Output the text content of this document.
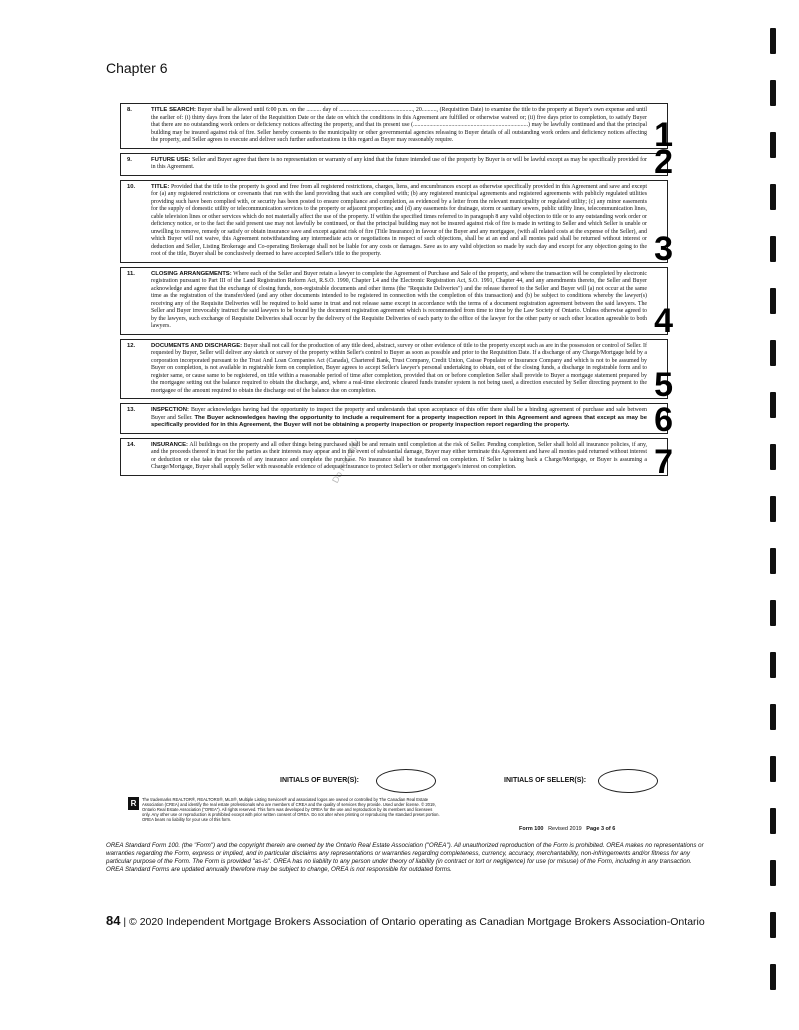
Chapter 6
Do not copy
8.	TITLE SEARCH: Buyer shall be allowed until 6:00 p.m. on the .......... day of .................................................., 20.........., (Requisition Date) to examine the title to the property at Buyer's own expense and until the earlier of: (i) thirty days from the later of the Requisition Date or the date on which the conditions in this Agreement are fulfilled or otherwise waived or; (ii) five days prior to completion, to satisfy Buyer that there are no outstanding work orders or deficiency notices affecting the property, and that its present use (..............................................................................) may be lawfully continued and that the principal building may be insured against risk of fire. Seller hereby consents to the municipality or other governmental agencies releasing to Buyer details of all outstanding work orders and deficiency notices affecting the property, and Seller agrees to execute and deliver such further authorizations in this regard as Buyer may reasonably require.	1
9.	FUTURE USE: Seller and Buyer agree that there is no representation or warranty of any kind that the future intended use of the property by Buyer is or will be lawful except as may be specifically provided for in this Agreement.	2
10.	TITLE: Provided that the title to the property is good and free from all registered restrictions, charges, liens, and encumbrances except as otherwise specifically provided in this Agreement and save and except for (a) any registered restrictions or covenants that run with the land providing that such are complied with; (b) any registered municipal agreements and registered agreements with publicly regulated utilities providing such have been complied with, or security has been posted to ensure compliance and completion, as evidenced by a letter from the relevant municipality or regulated utility; (c) any minor easements for the supply of domestic utility or telecommunication services to the property or adjacent properties; and (d) any easements for drainage, storm or sanitary sewers, public utility lines, telecommunication lines, cable television lines or other services which do not materially affect the use of the property. If within the specified times referred to in paragraph 8 any valid objection to title or to any outstanding work order or deficiency notice, or to the fact the said present use may not lawfully be continued, or that the principal building may not be insured against risk of fire is made in writing to Seller and which Seller is unable or unwilling to remove, remedy or satisfy or obtain insurance save and except against risk of fire (Title Insurance) in favour of the Buyer and any mortgagee, (with all related costs at the expense of the Seller), and which Buyer will not waive, this Agreement notwithstanding any intermediate acts or negotiations in respect of such objections, shall be at an end and all monies paid shall be returned without interest or deduction and Seller, Listing Brokerage and Co-operating Brokerage shall not be liable for any costs or damages. Save as to any valid objection so made by such day and except for any objection going to the root of the title, Buyer shall be conclusively deemed to have accepted Seller's title to the property.	3
11.	CLOSING ARRANGEMENTS: Where each of the Seller and Buyer retain a lawyer to complete the Agreement of Purchase and Sale of the property, and where the transaction will be completed by electronic registration pursuant to Part III of the Land Registration Reform Act, R.S.O. 1990, Chapter L4 and the Electronic Registration Act, S.O. 1991, Chapter 44, and any amendments thereto, the Seller and Buyer acknowledge and agree that the exchange of closing funds, non-registrable documents and other items (the "Requisite Deliveries") and the release thereof to the Seller and Buyer will (a) not occur at the same time as the registration of the transfer/deed (and any other documents intended to be registered in connection with the completion of this transaction) and (b) be subject to conditions whereby the lawyer(s) receiving any of the Requisite Deliveries will be required to hold same in trust and not release same except in accordance with the terms of a document registration agreement between the said lawyers. The Seller and Buyer irrevocably instruct the said lawyers to be bound by the document registration agreement which is recommended from time to time by the Law Society of Ontario. Unless otherwise agreed to by the lawyers, such exchange of Requisite Deliveries shall occur by the delivery of the Requisite Deliveries of each party to the office of the lawyer for the other party or such other location agreeable to both lawyers.	4
12.	DOCUMENTS AND DISCHARGE: Buyer shall not call for the production of any title deed, abstract, survey or other evidence of title to the property except such as are in the possession or control of Seller. If requested by Buyer, Seller will deliver any sketch or survey of the property within Seller's control to Buyer as soon as possible and prior to the Requisition Date. If a discharge of any Charge/Mortgage held by a corporation incorporated pursuant to the Trust And Loan Companies Act (Canada), Chartered Bank, Trust Company, Credit Union, Caisse Populaire or Insurance Company and which is not to be assumed by Buyer on completion, is not available in registrable form on completion, Buyer agrees to accept Seller's lawyer's personal undertaking to obtain, out of the closing funds, a discharge in registrable form and to register same, or cause same to be registered, on title within a reasonable period of time after completion, provided that on or before completion Seller shall provide to Buyer a mortgage statement prepared by the mortgagee setting out the balance required to obtain the discharge, and, where a real-time electronic cleared funds transfer system is not being used, a direction executed by Seller directing payment to the mortgagee of the amount required to obtain the discharge out of the balance due on completion.	5
13.	INSPECTION: Buyer acknowledges having had the opportunity to inspect the property and understands that upon acceptance of this offer there shall be a binding agreement of purchase and sale between Buyer and Seller. The Buyer acknowledges having the opportunity to include a requirement for a property inspection report in this Agreement and agrees that except as may be specifically provided for in this Agreement, the Buyer will not be obtaining a property inspection or property inspection report regarding the property. 6
14.	INSURANCE: All buildings on the property and all other things being purchased shall be and remain until completion at the risk of Seller. Pending completion, Seller shall hold all insurance policies, if any, and the proceeds thereof in trust for the parties as their interests may appear and in the event of substantial damage, Buyer may either terminate this Agreement and have all monies paid returned without interest or deduction or else take the proceeds of any insurance and complete the purchase. No insurance shall be transferred on completion. If Seller is taking back a Charge/Mortgage, or Buyer is assuming a Charge/Mortgage, Buyer shall supply Seller with reasonable evidence of adequate insurance to protect Seller's or other mortgagee's interest on completion.	7
INITIALS OF BUYER(S):	INITIALS OF SELLER(S):
R	The trademarks REALTOR®, REALTORS®, MLS®, Multiple Listing Services® and associated logos are owned or controlled by The Canadian Real Estate Association (CREA) and identify the real estate professionals who are members of CREA and the quality of services they provide. Used under license. © 2019, Ontario Real Estate Association ("OREA"). All rights reserved. This form was developed by OREA for the use and reproduction by its members and licensees only. Any other use or reproduction is prohibited except with prior written consent of OREA. Do not alter when printing or reproducing the standard preset portion. OREA bears no liability for your use of this form.
Form 100 Revised 2019 Page 3 of 6
OREA Standard Form 100. (the "Form") and the copyright therein are owned by the Ontario Real Estate Association ("OREA"). All unauthorized reproduction of the Form is prohibited. OREA makes no representations or warranties regarding the Form, express or implied, and in particular disclaims any representations or warranties regarding completeness, currency, accuracy, merchantability, non-infringements and/or fitness for any particular purpose of the Form. The Form is provided "as-is". OREA has no liability to any person under theory of liability (in contract or tort or negligence) for use (or misuse) of the Form, including in any transaction. OREA Standard Forms are updated annually therefore may be subject to change, OREA is not responsible for outdated forms.
84 | © 2020 Independent Mortgage Brokers Association of Ontario operating as Canadian Mortgage Brokers Association-Ontario
